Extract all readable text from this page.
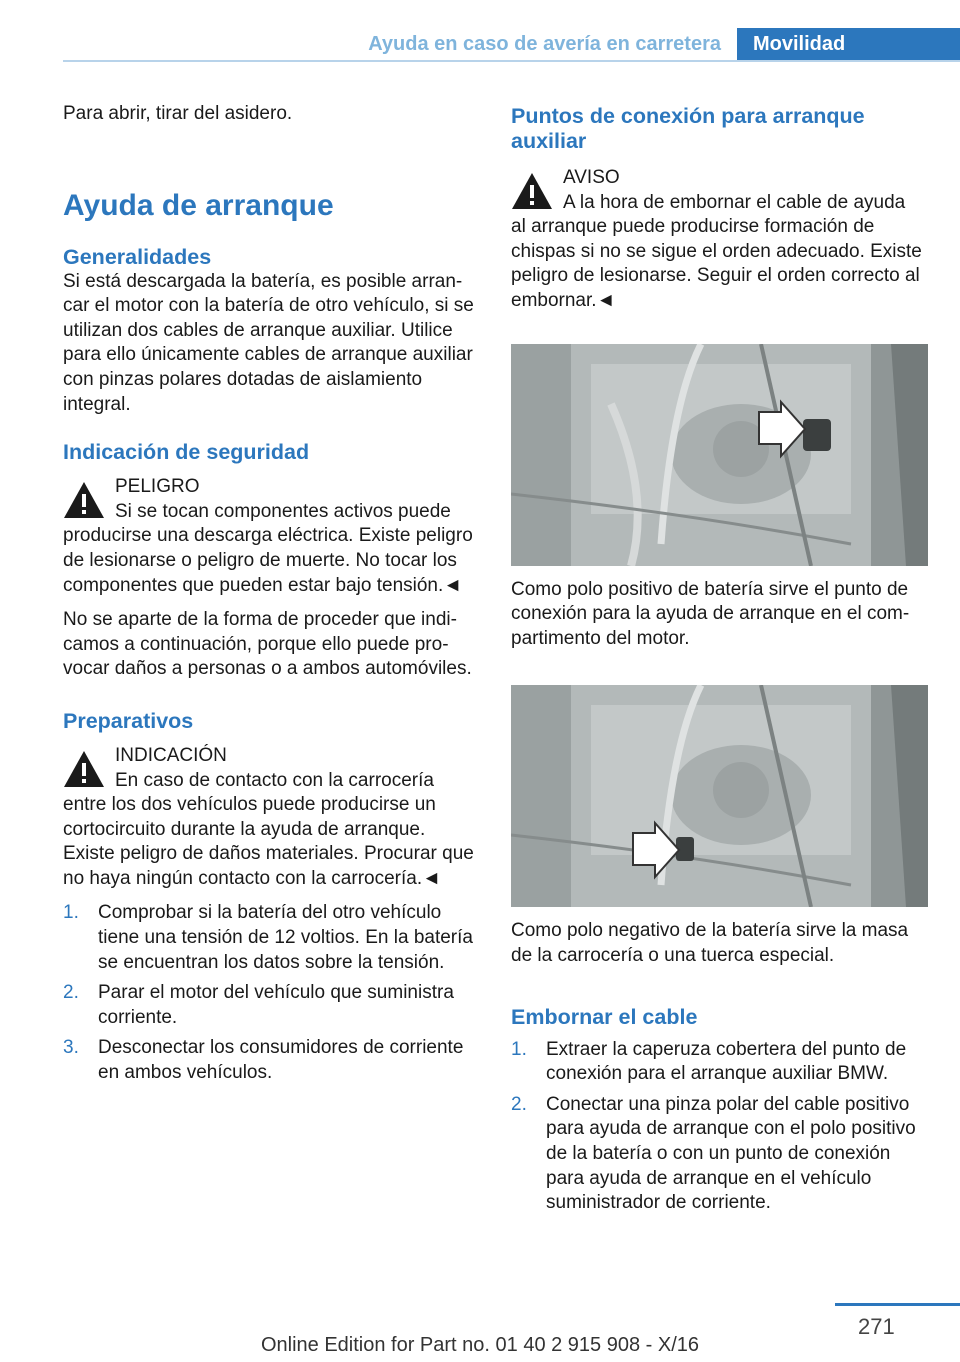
Ayuda en caso de avería en carretera	Movilidad

Para abrir, tirar del asidero.

Ayuda de arranque
Generalidades

Si está descargada la batería, es posible arrancar el motor con la batería de otro vehículo, si se utilizan dos cables de arranque auxiliar. Utilice para ello únicamente cables de arranque auxiliar con pinzas polares dotadas de aislamiento integral.

Indicación de seguridad

PELIGRO

Si se tocan componentes activos puede

producirse una descarga eléctrica. Existe peligro de lesionarse o peligro de muerte. No tocar los componentes que pueden estar bajo tensión.◄

No se aparte de la forma de proceder que indicamos a continuación, porque ello puede provocar daños a personas o a ambos automóviles.

Preparativos

INDICACIÓN

En caso de contacto con la carrocería

entre los dos vehículos puede producirse un cortocircuito durante la ayuda de arranque. Existe peligro de daños materiales. Procurar que no haya ningún contacto con la carrocería.◄

1. Comprobar si la batería del otro vehículo tiene una tensión de 12 voltios. En la batería se encuentran los datos sobre la tensión.
2. Parar el motor del vehículo que suministra corriente.
3. Desconectar los consumidores de corriente en ambos vehículos.
Puntos de conexión para arranque auxiliar

AVISO

A la hora de embornar el cable de ayuda

al arranque puede producirse formación de chispas si no se sigue el orden adecuado. Existe peligro de lesionarse. Seguir el orden correcto al embornar.◄

Como polo positivo de batería sirve el punto de conexión para la ayuda de arranque en el compartimento del motor.

Como polo negativo de la batería sirve la masa de la carrocería o una tuerca especial.

Embornar el cable
1. Extraer la caperuza cobertera del punto de conexión para el arranque auxiliar BMW.
2. Conectar una pinza polar del cable positivo para ayuda de arranque con el polo positivo de la batería o con un punto de conexión para ayuda de arranque en el vehículo suministrador de corriente.
271
Online Edition for Part no. 01 40 2 915 908 - X/16
